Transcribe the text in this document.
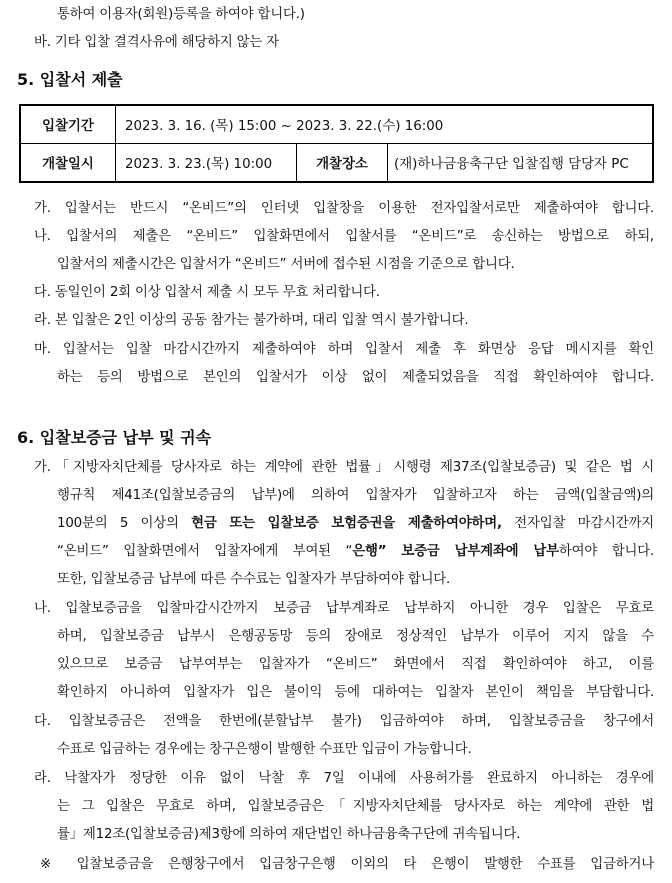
통하여 이용자(회원)등록을 하여야 합니다.)
바. 기타 입찰 결격사유에 해당하지 않는 자
5. 입찰서 제출
입찰기간	2023. 3. 16. (목) 15:00 ~ 2023. 3. 22.(수) 16:00		
개찰일시	2023. 3. 23.(목) 10:00	개찰장소	(재)하나금융축구단 입찰집행 담당자 PC
가. 입찰서는 반드시 “온비드”의 인터넷 입찰창을 이용한 전자입찰서로만 제출하여야 합니다.
나. 입찰서의 제출은 “온비드” 입찰화면에서 입찰서를 “온비드”로 송신하는 방법으로 하되,
입찰서의 제출시간은 입찰서가 “온비드” 서버에 접수된 시점을 기준으로 합니다.
다. 동일인이 2회 이상 입찰서 제출 시 모두 무효 처리합니다.
라. 본 입찰은 2인 이상의 공동 참가는 불가하며, 대리 입찰 역시 불가합니다.
마. 입찰서는 입찰 마감시간까지 제출하여야 하며 입찰서 제출 후 화면상 응답 메시지를 확인
하는 등의 방법으로 본인의 입찰서가 이상 없이 제출되었음을 직접 확인하여야 합니다.
6. 입찰보증금 납부 및 귀속
가.「지방자치단체를 당사자로 하는 계약에 관한 법률」시행령 제37조(입찰보증금) 및 같은 법 시
행규칙 제41조(입찰보증금의 납부)에 의하여 입찰자가 입찰하고자 하는 금액(입찰금액)의
100분의 5 이상의 현금 또는 입찰보증 보험증권을 제출하여야하며, 전자입찰 마감시간까지
“온비드” 입찰화면에서 입찰자에게 부여된 “은행” 보증금 납부계좌에 납부하여야 합니다.
또한, 입찰보증금 납부에 따른 수수료는 입찰자가 부담하여야 합니다.
나. 입찰보증금을 입찰마감시간까지 보증금 납부계좌로 납부하지 아니한 경우 입찰은 무효로
하며, 입찰보증금 납부시 은행공동망 등의 장애로 정상적인 납부가 이루어 지지 않을 수
있으므로 보증금 납부여부는 입찰자가 “온비드” 화면에서 직접 확인하여야 하고, 이를
확인하지 아니하여 입찰자가 입은 불이익 등에 대하여는 입찰자 본인이 책임을 부담합니다.
다. 입찰보증금은 전액을 한번에(분할납부 불가) 입금하여야 하며, 입찰보증금을 창구에서
수표로 입금하는 경우에는 창구은행이 발행한 수표만 입금이 가능합니다.
라. 낙찰자가 정당한 이유 없이 낙찰 후 7일 이내에 사용허가를 완료하지 아니하는 경우에
는 그 입찰은 무효로 하며, 입찰보증금은「지방자치단체를 당사자로 하는 계약에 관한 법
률」제12조(입찰보증금)제3항에 의하여 재단법인 하나금융축구단에 귀속됩니다.
※ 입찰보증금을 은행창구에서 입금창구은행 이외의 타 은행이 발행한 수표를 입금하거나
